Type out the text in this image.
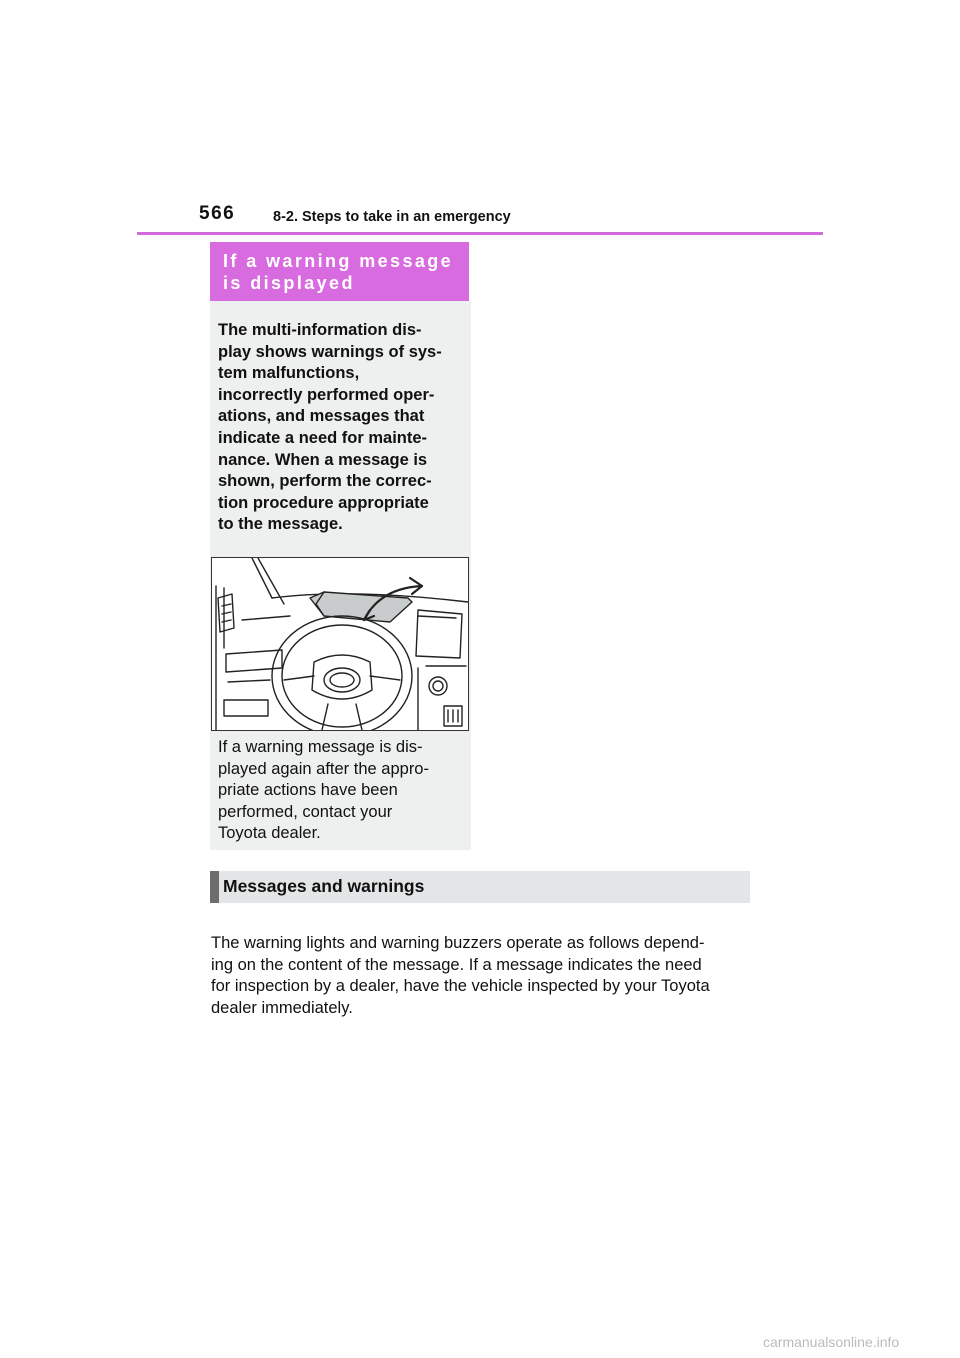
566	8-2. Steps to take in an emergency
If a warning message
is displayed
The multi-information dis-
play shows warnings of sys-
tem malfunctions,
incorrectly performed oper-
ations, and messages that
indicate a need for mainte-
nance. When a message is
shown, perform the correc-
tion procedure appropriate
to the message.
If a warning message is dis-
played again after the appro-
priate actions have been
performed, contact your
Toyota dealer.
Messages and warnings
The warning lights and warning buzzers operate as follows depend-
ing on the content of the message. If a message indicates the need
for inspection by a dealer, have the vehicle inspected by your Toyota
dealer immediately.
carmanualsonline.info
